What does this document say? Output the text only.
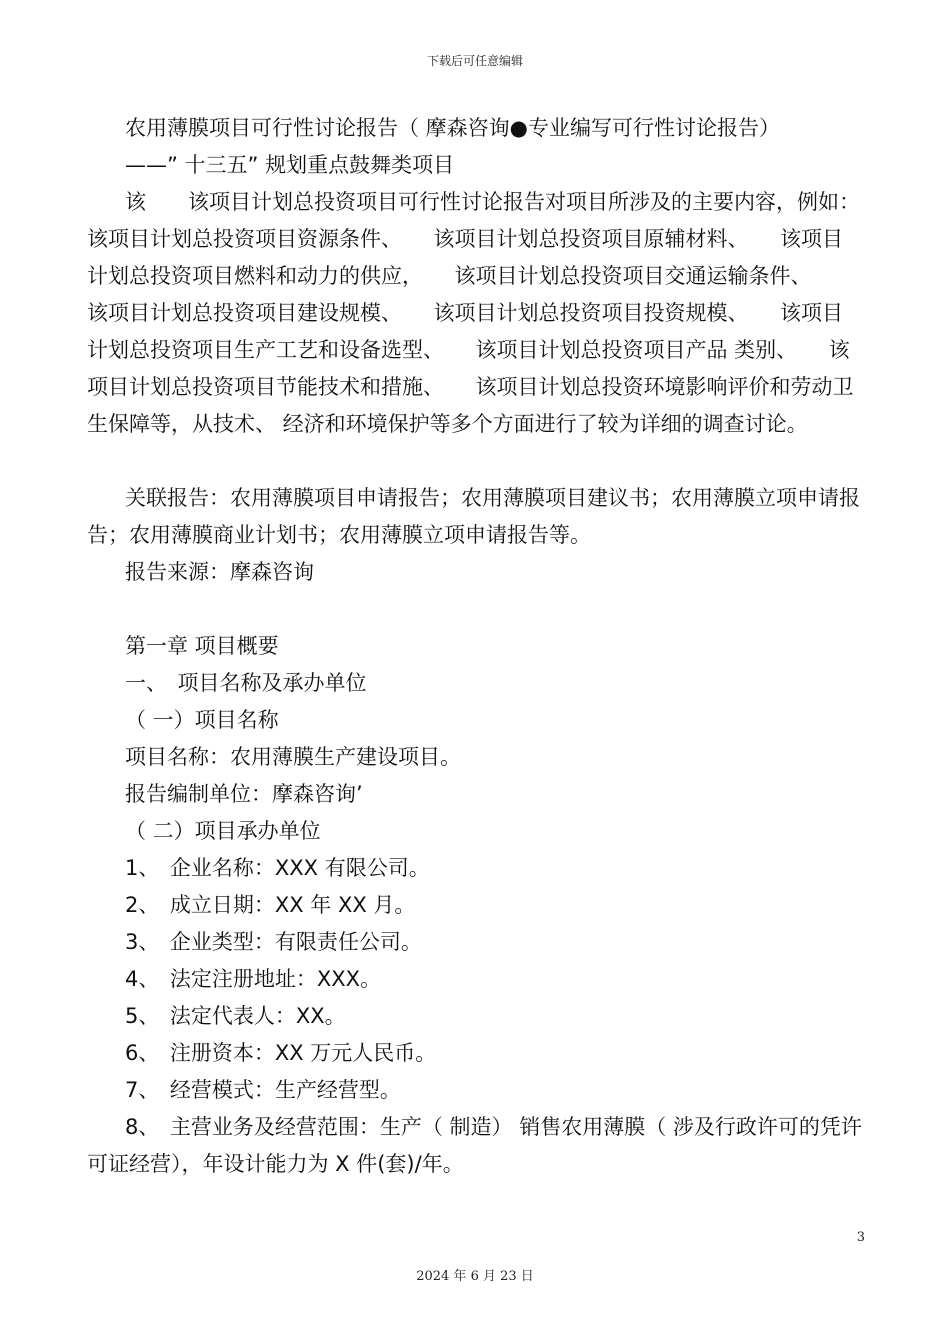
下载后可任意编辑

农用薄膜项目可行性讨论报告（ 摩森咨询●专业编写可行性讨论报告）

——” 十三五” 规划重点鼓舞类项目

该　　该项目计划总投资项目可行性讨论报告对项目所涉及的主要内容，例如：　　该项目计划总投资项目资源条件、　　该项目计划总投资项目原辅材料、　　该项目计划总投资项目燃料和动力的供应，　　该项目计划总投资项目交通运输条件、　　该项目计划总投资项目建设规模、　　该项目计划总投资项目投资规模、　　该项目计划总投资项目生产工艺和设备选型、　　该项目计划总投资项目产品 类别、　　该项目计划总投资项目节能技术和措施、　　该项目计划总投资环境影响评价和劳动卫生保障等，从技术、 经济和环境保护等多个方面进行了较为详细的调查讨论。

关联报告：农用薄膜项目申请报告；农用薄膜项目建议书；农用薄膜立项申请报告；农用薄膜商业计划书；农用薄膜立项申请报告等。

报告来源：摩森咨询

第一章 项目概要

一、　项目名称及承办单位

（ 一）项目名称

项目名称：农用薄膜生产建设项目。

报告编制单位：摩森咨询’

（ 二）项目承办单位

1、　企业名称：XXX 有限公司。

2、　成立日期：XX 年 XX 月。

3、　企业类型：有限责任公司。

4、　法定注册地址：XXX。

5、　法定代表人：XX。

6、　注册资本：XX 万元人民币。

7、　经营模式：生产经营型。

8、　主营业务及经营范围：生产（ 制造） 销售农用薄膜（ 涉及行政许可的凭许可证经营），年设计能力为 X 件(套)/年。

3
2024 年 6 月 23 日
